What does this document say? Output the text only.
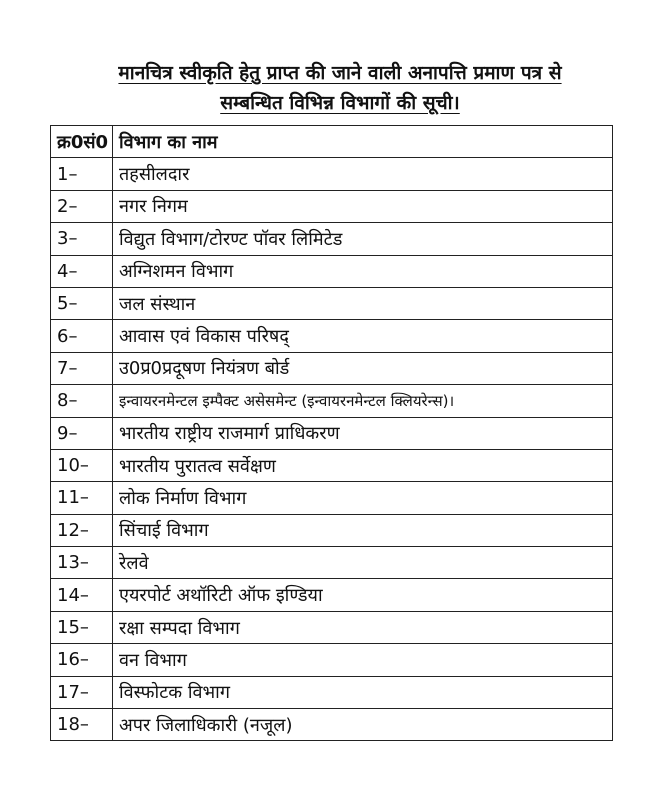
मानचित्र स्वीकृति हेतु प्राप्त की जाने वाली अनापत्ति प्रमाण पत्र से
सम्बन्धित विभिन्न विभागों की सूची।
क्र0सं0	विभाग का नाम
1–	तहसीलदार
2–	नगर निगम
3–	विद्युत विभाग/टोरण्ट पॉवर लिमिटेड
4–	अग्निशमन विभाग
5–	जल संस्थान
6–	आवास एवं विकास परिषद्
7–	उ0प्र0प्रदूषण नियंत्रण बोर्ड
8–	इन्वायरनमेन्टल इम्पैक्ट असेसमेन्ट (इन्वायरनमेन्टल क्लियरेन्स)।
9–	भारतीय राष्ट्रीय राजमार्ग प्राधिकरण
10–	भारतीय पुरातत्व सर्वेक्षण
11–	लोक निर्माण विभाग
12–	सिंचाई विभाग
13–	रेलवे
14–	एयरपोर्ट अथॉरिटी ऑफ इण्डिया
15–	रक्षा सम्पदा विभाग
16–	वन विभाग
17–	विस्फोटक विभाग
18–	अपर जिलाधिकारी (नजूल)
